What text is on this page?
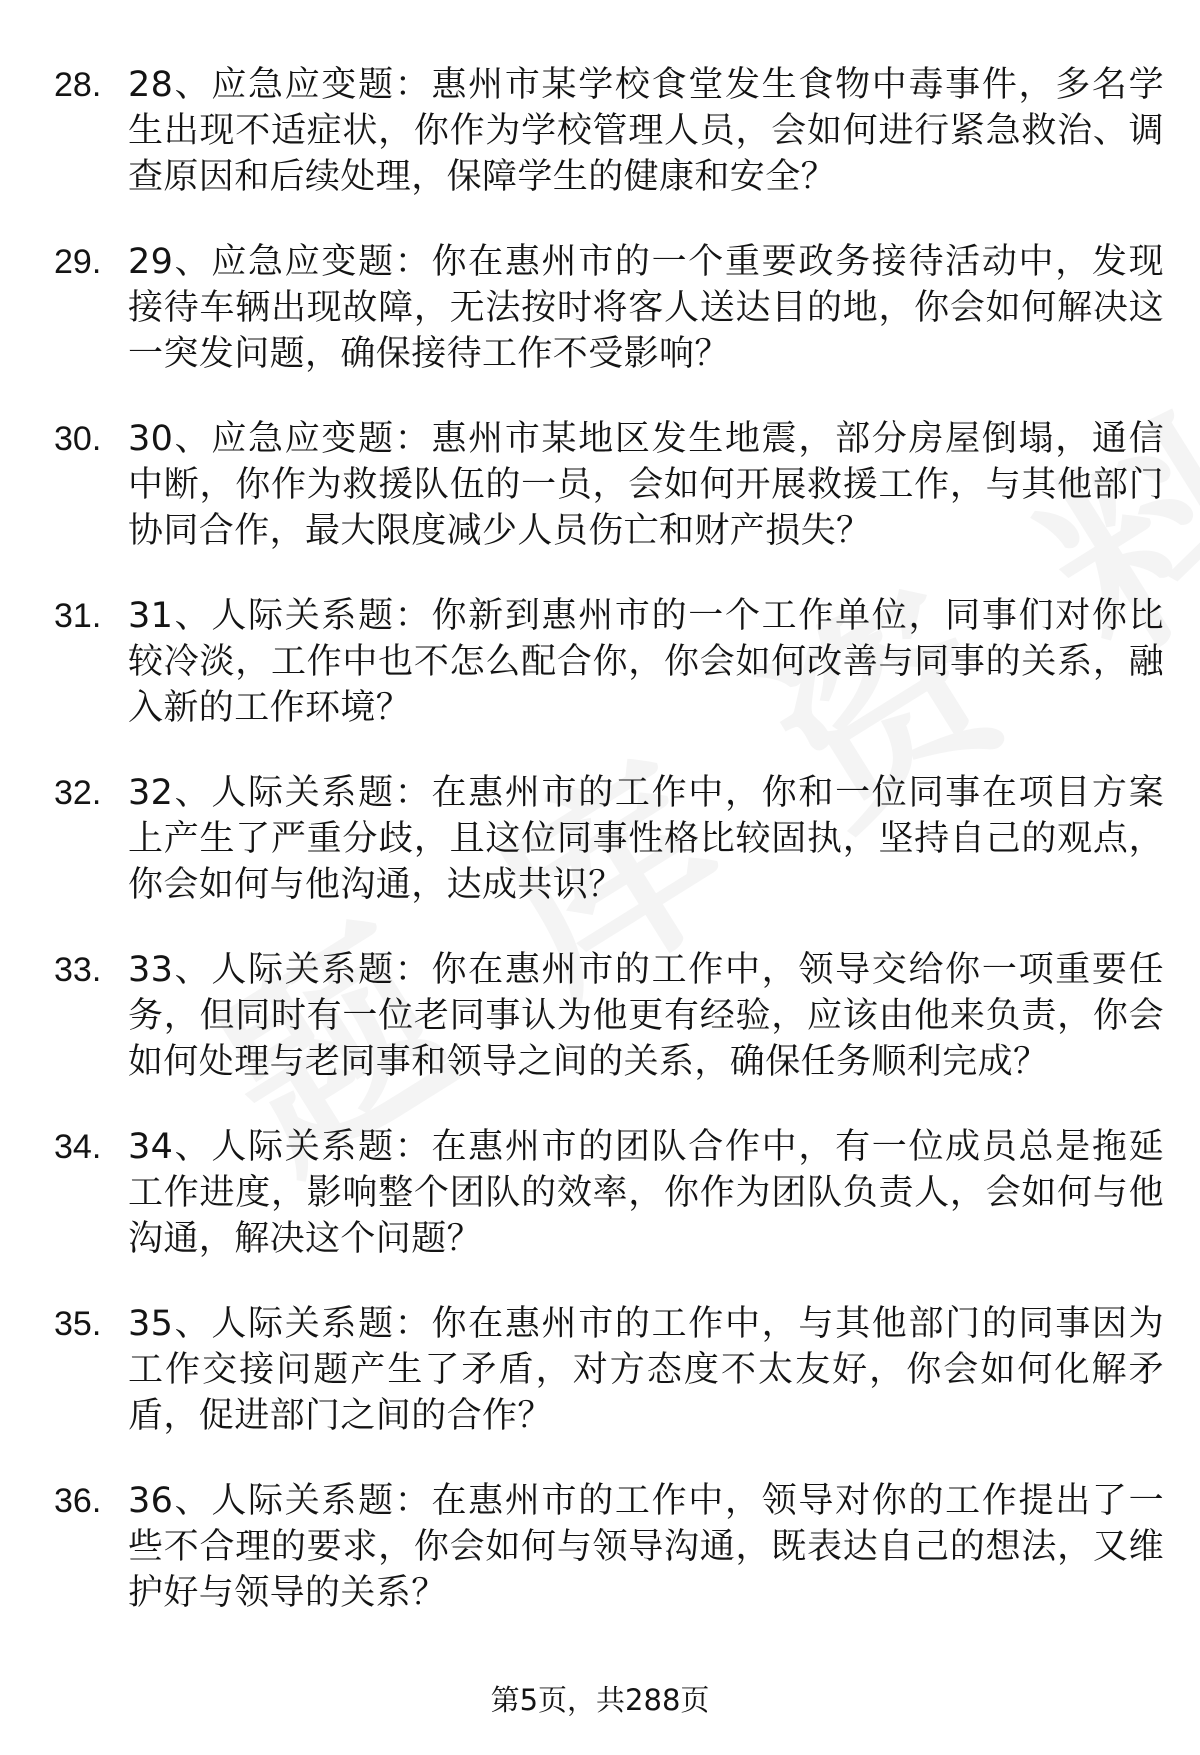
28. 28、应急应变题：惠州市某学校食堂发生食物中毒事件，多名学生出现不适症状，你作为学校管理人员，会如何进行紧急救治、调查原因和后续处理，保障学生的健康和安全？
29. 29、应急应变题：你在惠州市的一个重要政务接待活动中，发现接待车辆出现故障，无法按时将客人送达目的地，你会如何解决这一突发问题，确保接待工作不受影响？
30. 30、应急应变题：惠州市某地区发生地震，部分房屋倒塌，通信中断，你作为救援队伍的一员，会如何开展救援工作，与其他部门协同合作，最大限度减少人员伤亡和财产损失？
31. 31、人际关系题：你新到惠州市的一个工作单位，同事们对你比较冷淡，工作中也不怎么配合你，你会如何改善与同事的关系，融入新的工作环境？
32. 32、人际关系题：在惠州市的工作中，你和一位同事在项目方案上产生了严重分歧，且这位同事性格比较固执，坚持自己的观点，你会如何与他沟通，达成共识？
33. 33、人际关系题：你在惠州市的工作中，领导交给你一项重要任务，但同时有一位老同事认为他更有经验，应该由他来负责，你会如何处理与老同事和领导之间的关系，确保任务顺利完成？
34. 34、人际关系题：在惠州市的团队合作中，有一位成员总是拖延工作进度，影响整个团队的效率，你作为团队负责人，会如何与他沟通，解决这个问题？
35. 35、人际关系题：你在惠州市的工作中，与其他部门的同事因为工作交接问题产生了矛盾，对方态度不太友好，你会如何化解矛盾，促进部门之间的合作？
36. 36、人际关系题：在惠州市的工作中，领导对你的工作提出了一些不合理的要求，你会如何与领导沟通，既表达自己的想法，又维护好与领导的关系？
第5页，共288页
